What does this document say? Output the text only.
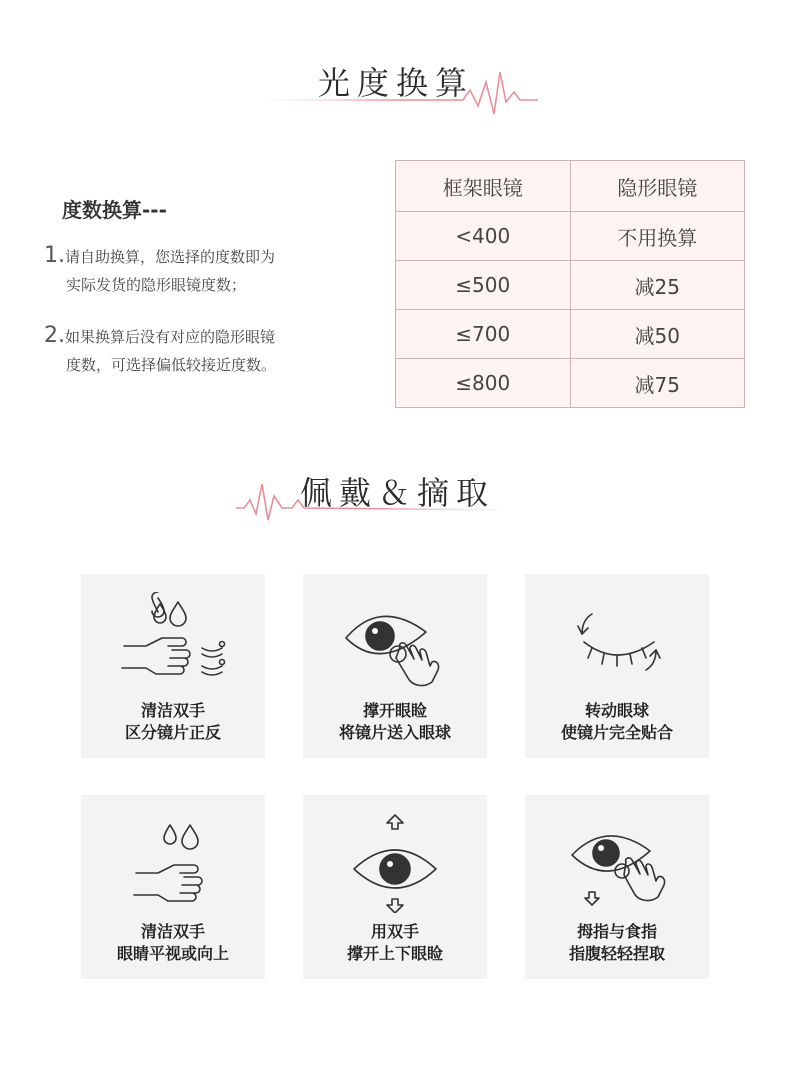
光度换算
度数换算---
1.请自助换算，您选择的度数即为
实际发货的隐形眼镜度数；
2.如果换算后没有对应的隐形眼镜
度数，可选择偏低较接近度数。
框架眼镜	隐形眼镜
<400	不用换算
≤500	减25
≤700	减50
≤800	减75
佩戴＆摘取
清洁双手
区分镜片正反
撑开眼睑
将镜片送入眼球
转动眼球
使镜片完全贴合
清洁双手
眼睛平视或向上
用双手
撑开上下眼睑
拇指与食指
指腹轻轻捏取
